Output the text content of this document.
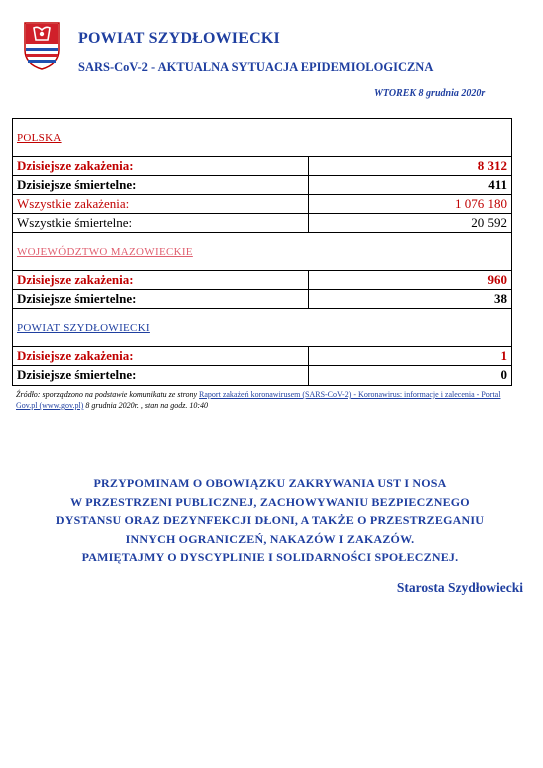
POWIAT SZYDŁOWIECKI
SARS-CoV-2 - AKTUALNA SYTUACJA EPIDEMIOLOGICZNA
WTOREK 8 grudnia 2020r
POLSKA
Dzisiejsze zakażenia:	8 312
Dzisiejsze śmiertelne:	411
Wszystkie zakażenia:	1 076 180
Wszystkie śmiertelne:	20 592
WOJEWÓDZTWO MAZOWIECKIE
Dzisiejsze zakażenia:	960
Dzisiejsze śmiertelne:	38
POWIAT SZYDŁOWIECKI
Dzisiejsze zakażenia:	1
Dzisiejsze śmiertelne:	0
Źródło: sporządzono na podstawie komunikatu ze strony Raport zakażeń koronawirusem (SARS-CoV-2) - Koronawirus: informacje i zalecenia - Portal Gov.pl (www.gov.pl) 8 grudnia 2020r. , stan na godz. 10:40
PRZYPOMINAM O OBOWIĄZKU ZAKRYWANIA UST I NOSA
W PRZESTRZENI PUBLICZNEJ, ZACHOWYWANIU BEZPIECZNEGO
DYSTANSU ORAZ DEZYNFEKCJI DŁONI, A TAKŻE O PRZESTRZEGANIU
INNYCH OGRANICZEŃ, NAKAZÓW I ZAKAZÓW.
PAMIĘTAJMY O DYSCYPLINIE I SOLIDARNOŚCI SPOŁECZNEJ.
Starosta Szydłowiecki
